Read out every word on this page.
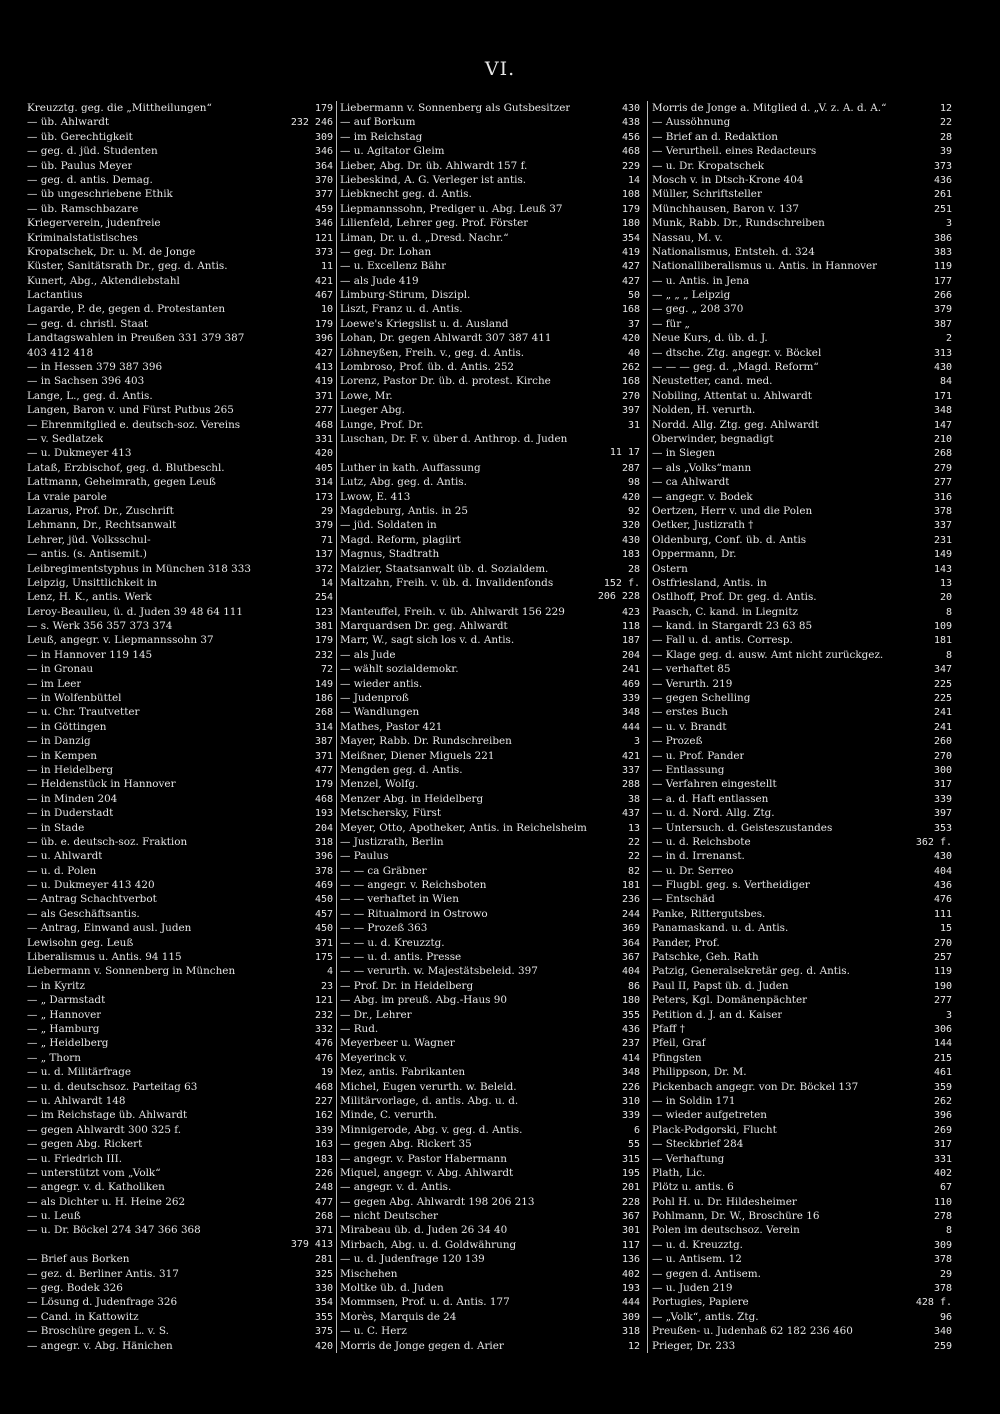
VI.
Kreuzztg. geg. die „Mittheilungen“	179
— üb. Ahlwardt	232 246
— üb. Gerechtigkeit	309
— geg. d. jüd. Studenten	346
— üb. Paulus Meyer	364
— geg. d. antis. Demag.	370
— üb ungeschriebene Ethik	377
— üb. Ramschbazare	459
Kriegerverein, judenfreie	346
Kriminalstatistisches	121
Kropatschek, Dr. u. M. de Jonge	373
Küster, Sanitätsrath Dr., geg. d. Antis.	11
Kunert, Abg., Aktendiebstahl	421
Lactantius	467
Lagarde, P. de, gegen d. Protestanten	10
— geg. d. christl. Staat	179
Landtagswahlen in Preußen 331 379 387	396
403 412 418	427
— in Hessen 379 387 396	413
— in Sachsen 396 403	419
Lange, L., geg. d. Antis.	371
Langen, Baron v. und Fürst Putbus 265	277
— Ehrenmitglied e. deutsch-soz. Vereins	468
— v. Sedlatzek	331
— u. Dukmeyer 413	420
Lataß, Erzbischof, geg. d. Blutbeschl.	405
Lattmann, Geheimrath, gegen Leuß	314
La vraie parole	173
Lazarus, Prof. Dr., Zuschrift	29
Lehmann, Dr., Rechtsanwalt	379
Lehrer, jüd. Volksschul-	71
— antis. (s. Antisemit.)	137
Leibregimentstyphus in München 318 333	372
Leipzig, Unsittlichkeit in	14
Lenz, H. K., antis. Werk	254
Leroy-Beaulieu, ü. d. Juden 39 48 64 111	123
— s. Werk 356 357 373 374	381
Leuß, angegr. v. Liepmannssohn 37	179
— in Hannover 119 145	232
— in Gronau	72
— im Leer	149
— in Wolfenbüttel	186
— u. Chr. Trautvetter	268
— in Göttingen	314
— in Danzig	387
— in Kempen	371
— in Heidelberg	477
— Heldenstück in Hannover	179
— in Minden 204	468
— in Duderstadt	193
— in Stade	204
— üb. e. deutsch-soz. Fraktion	318
— u. Ahlwardt	396
— u. d. Polen	378
— u. Dukmeyer 413 420	469
— Antrag Schachtverbot	450
— als Geschäftsantis.	457
— Antrag, Einwand ausl. Juden	450
Lewisohn geg. Leuß	371
Liberalismus u. Antis. 94 115	175
Liebermann v. Sonnenberg in München	4
— in Kyritz	23
— „ Darmstadt	121
— „ Hannover	232
— „ Hamburg	332
— „ Heidelberg	476
— „ Thorn	476
— u. d. Militärfrage	19
— u. d. deutschsoz. Parteitag 63	468
— u. Ahlwardt 148	227
— im Reichstage üb. Ahlwardt	162
— gegen Ahlwardt 300 325 f.	339
— gegen Abg. Rickert	163
— u. Friedrich III.	183
— unterstützt vom „Volk“	226
— angegr. v. d. Katholiken	248
— als Dichter u. H. Heine 262	477
— u. Leuß	268
— u. Dr. Böckel 274 347 366 368	371
379 413
— Brief aus Borken	281
— gez. d. Berliner Antis. 317	325
— geg. Bodek 326	330
— Lösung d. Judenfrage 326	354
— Cand. in Kattowitz	355
— Broschüre gegen L. v. S.	375
— angegr. v. Abg. Hänichen	420
Liebermann v. Sonnenberg als Gutsbesitzer	430
— auf Borkum	438
— im Reichstag	456
— u. Agitator Gleim	468
Lieber, Abg. Dr. üb. Ahlwardt 157 f.	229
Liebeskind, A. G. Verleger ist antis.	14
Liebknecht geg. d. Antis.	108
Liepmannssohn, Prediger u. Abg. Leuß 37	179
Lilienfeld, Lehrer geg. Prof. Förster	180
Liman, Dr. u. d. „Dresd. Nachr.“	354
— geg. Dr. Lohan	419
— u. Excellenz Bähr	427
— als Jude 419	427
Limburg-Stirum, Diszipl.	50
Liszt, Franz u. d. Antis.	168
Loewe's Kriegslist u. d. Ausland	37
Lohan, Dr. gegen Ahlwardt 307 387 411	420
Löhneyßen, Freih. v., geg. d. Antis.	40
Lombroso, Prof. üb. d. Antis. 252	262
Lorenz, Pastor Dr. üb. d. protest. Kirche	168
Lowe, Mr.	270
Lueger Abg.	397
Lunge, Prof. Dr.	31
Luschan, Dr. F. v. über d. Anthrop. d. Juden
11 17
Luther in kath. Auffassung	287
Lutz, Abg. geg. d. Antis.	98
Lwow, E. 413	420
Magdeburg, Antis. in 25	92
— jüd. Soldaten in	320
Magd. Reform, plagiirt	430
Magnus, Stadtrath	183
Maizier, Staatsanwalt üb. d. Sozialdem.	28
Maltzahn, Freih. v. üb. d. Invalidenfonds	152 f.
206 228
Manteuffel, Freih. v. üb. Ahlwardt 156 229	423
Marquardsen Dr. geg. Ahlwardt	118
Marr, W., sagt sich los v. d. Antis.	187
— als Jude	204
— wählt sozialdemokr.	241
— wieder antis.	469
— Judenproß	339
— Wandlungen	348
Mathes, Pastor 421	444
Mayer, Rabb. Dr. Rundschreiben	3
Meißner, Diener Miguels 221	421
Mengden geg. d. Antis.	337
Menzel, Wolfg.	288
Menzer Abg. in Heidelberg	38
Metschersky, Fürst	437
Meyer, Otto, Apotheker, Antis. in Reichelsheim	13
— Justizrath, Berlin	22
— Paulus	22
— — ca Gräbner	82
— — angegr. v. Reichsboten	181
— — verhaftet in Wien	236
— — Ritualmord in Ostrowo	244
— — Prozeß 363	369
— — u. d. Kreuzztg.	364
— — u. d. antis. Presse	367
— — verurth. w. Majestätsbeleid. 397	404
— Prof. Dr. in Heidelberg	86
— Abg. im preuß. Abg.-Haus 90	180
— Dr., Lehrer	355
— Rud.	436
Meyerbeer u. Wagner	237
Meyerinck v.	414
Mez, antis. Fabrikanten	348
Michel, Eugen verurth. w. Beleid.	226
Militärvorlage, d. antis. Abg. u. d.	310
Minde, C. verurth.	339
Minnigerode, Abg. v. geg. d. Antis.	6
— gegen Abg. Rickert 35	55
— angegr. v. Pastor Habermann	315
Miquel, angegr. v. Abg. Ahlwardt	195
— angegr. v. d. Antis.	201
— gegen Abg. Ahlwardt 198 206 213	228
— nicht Deutscher	367
Mirabeau üb. d. Juden 26 34 40	301
Mirbach, Abg. u. d. Goldwährung	117
— u. d. Judenfrage 120 139	136
Mischehen	402
Moltke üb. d. Juden	193
Mommsen, Prof. u. d. Antis. 177	444
Morès, Marquis de 24	309
— u. C. Herz	318
Morris de Jonge gegen d. Arier	12
Morris de Jonge a. Mitglied d. „V. z. A. d. A.“	12
— Aussöhnung	22
— Brief an d. Redaktion	28
— Verurtheil. eines Redacteurs	39
— u. Dr. Kropatschek	373
Mosch v. in Dtsch-Krone 404	436
Müller, Schriftsteller	261
Münchhausen, Baron v. 137	251
Munk, Rabb. Dr., Rundschreiben	3
Nassau, M. v.	386
Nationalismus, Entsteh. d. 324	383
Nationalliberalismus u. Antis. in Hannover	119
— u. Antis. in Jena	177
— „ „ „ Leipzig	266
— geg. „ 208 370	379
— für „	387
Neue Kurs, d. üb. d. J.	2
— dtsche. Ztg. angegr. v. Böckel	313
— — — geg. d. „Magd. Reform“	430
Neustetter, cand. med.	84
Nobiling, Attentat u. Ahlwardt	171
Nolden, H. verurth.	348
Nordd. Allg. Ztg. geg. Ahlwardt	147
Oberwinder, begnadigt	210
— in Siegen	268
— als „Volks“mann	279
— ca Ahlwardt	277
— angegr. v. Bodek	316
Oertzen, Herr v. und die Polen	378
Oetker, Justizrath †	337
Oldenburg, Conf. üb. d. Antis	231
Oppermann, Dr.	149
Ostern	143
Ostfriesland, Antis. in	13
Ostlhoff, Prof. Dr. geg. d. Antis.	20
Paasch, C. kand. in Liegnitz	8
— kand. in Stargardt 23 63 85	109
— Fall u. d. antis. Corresp.	181
— Klage geg. d. ausw. Amt nicht zurückgez.	8
— verhaftet 85	347
— Verurth. 219	225
— gegen Schelling	225
— erstes Buch	241
— u. v. Brandt	241
— Prozeß	260
— u. Prof. Pander	270
— Entlassung	300
— Verfahren eingestellt	317
— a. d. Haft entlassen	339
— u. d. Nord. Allg. Ztg.	397
— Untersuch. d. Geisteszustandes	353
— u. d. Reichsbote	362 f.
— in d. Irrenanst.	430
— u. Dr. Serreo	404
— Flugbl. geg. s. Vertheidiger	436
— Entschäd	476
Panke, Rittergutsbes.	111
Panamaskand. u. d. Antis.	15
Pander, Prof.	270
Patschke, Geh. Rath	257
Patzig, Generalsekretär geg. d. Antis.	119
Paul II, Papst üb. d. Juden	190
Peters, Kgl. Domänenpächter	277
Petition d. J. an d. Kaiser	3
Pfaff †	306
Pfeil, Graf	144
Pfingsten	215
Philippson, Dr. M.	461
Pickenbach angegr. von Dr. Böckel 137	359
— in Soldin 171	262
— wieder aufgetreten	396
Plack-Podgorski, Flucht	269
— Steckbrief 284	317
— Verhaftung	331
Plath, Lic.	402
Plötz u. antis. 6	67
Pohl H. u. Dr. Hildesheimer	110
Pohlmann, Dr. W., Broschüre 16	278
Polen im deutschsoz. Verein	8
— u. d. Kreuzztg.	309
— u. Antisem. 12	378
— gegen d. Antisem.	29
— u. Juden 219	378
Portugies, Papiere	428 f.
— „Volk“, antis. Ztg.	96
Preußen- u. Judenhaß 62 182 236 460	340
Prieger, Dr. 233	259
